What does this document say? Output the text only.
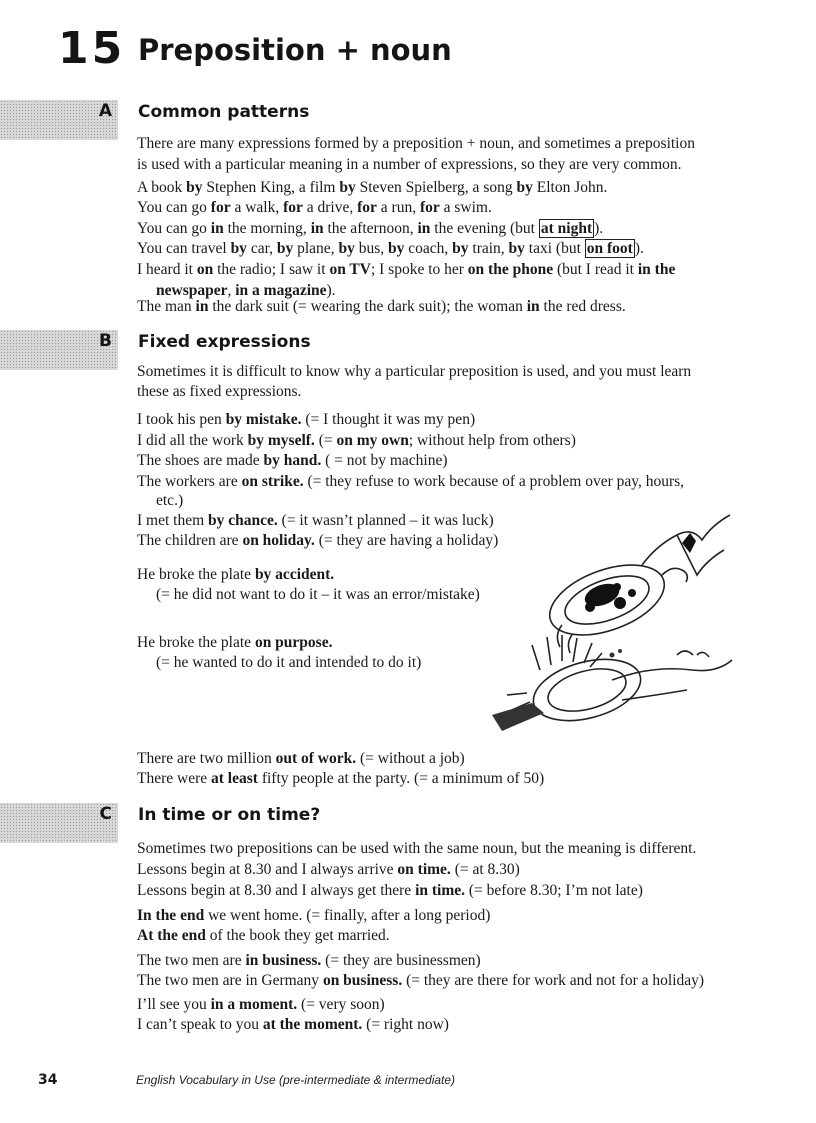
15 Preposition + noun
A Common patterns
There are many expressions formed by a preposition + noun, and sometimes a preposition
is used with a particular meaning in a number of expressions, so they are very common.
A book by Stephen King, a film by Steven Spielberg, a song by Elton John.
You can go for a walk, for a drive, for a run, for a swim.
You can go in the morning, in the afternoon, in the evening (but at night ).
You can travel by car, by plane, by bus, by coach, by train, by taxi (but on foot ).
I heard it on the radio; I saw it on TV; I spoke to her on the phone (but I read it in the
newspaper, in a magazine).
The man in the dark suit (= wearing the dark suit); the woman in the red dress.
B Fixed expressions
Sometimes it is difficult to know why a particular preposition is used, and you must learn
these as fixed expressions.
I took his pen by mistake. (= I thought it was my pen)
I did all the work by myself. (= on my own; without help from others)
The shoes are made by hand. ( = not by machine)
The workers are on strike. (= they refuse to work because of a problem over pay, hours,
etc.)
I met them by chance. (= it wasn’t planned – it was luck)
The children are on holiday. (= they are having a holiday)
He broke the plate by accident.
(= he did not want to do it – it was an error/mistake)
He broke the plate on purpose.
(= he wanted to do it and intended to do it)
There are two million out of work. (= without a job)
There were at least fifty people at the party. (= a minimum of 50)
C In time or on time?
Sometimes two prepositions can be used with the same noun, but the meaning is different.
Lessons begin at 8.30 and I always arrive on time. (= at 8.30)
Lessons begin at 8.30 and I always get there in time. (= before 8.30; I’m not late)
In the end we went home. (= finally, after a long period)
At the end of the book they get married.
The two men are in business. (= they are businessmen)
The two men are in Germany on business. (= they are there for work and not for a holiday)
I’ll see you in a moment. (= very soon)
I can’t speak to you at the moment. (= right now)
34	English Vocabulary in Use (pre-intermediate & intermediate)
